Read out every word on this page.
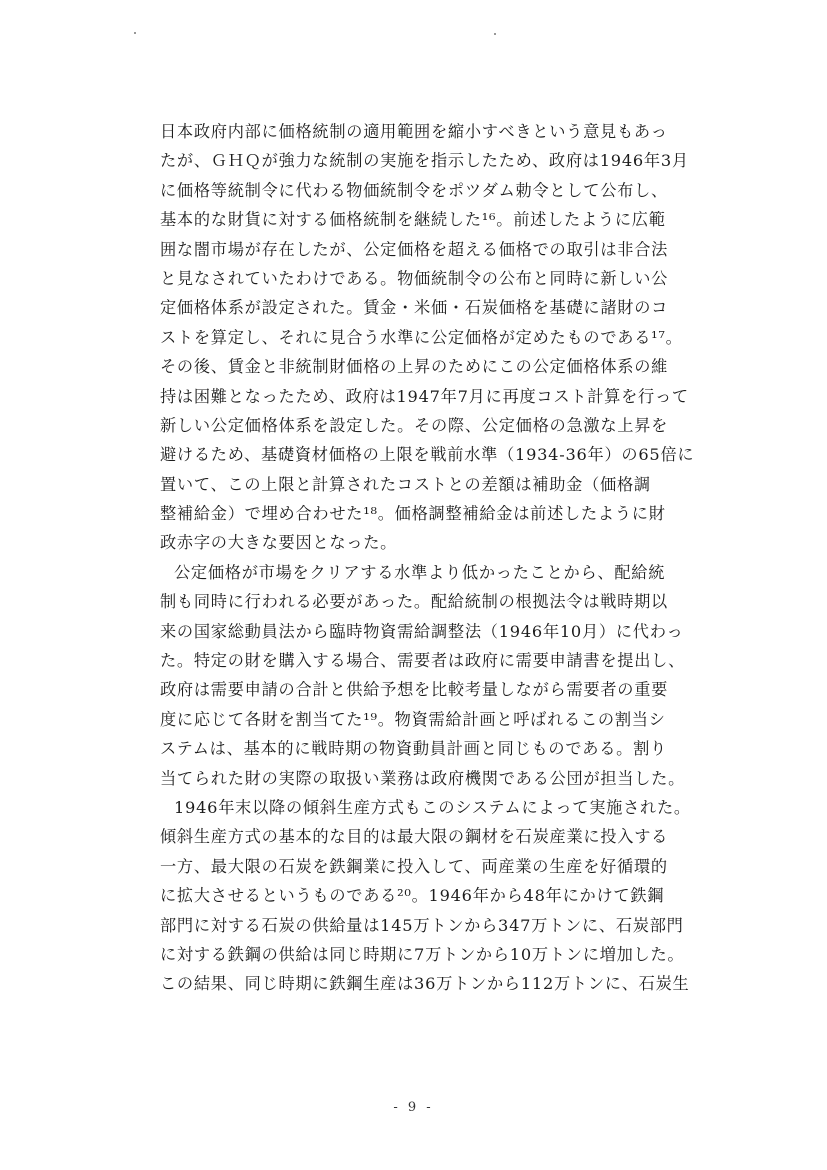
日本政府内部に価格統制の適用範囲を縮小すべきという意見もあっ
たが、ＧＨＱが強力な統制の実施を指示したため、政府は1946年3月
に価格等統制令に代わる物価統制令をポツダム勅令として公布し、
基本的な財貨に対する価格統制を継続した¹⁶。前述したように広範
囲な闇市場が存在したが、公定価格を超える価格での取引は非合法
と見なされていたわけである。物価統制令の公布と同時に新しい公
定価格体系が設定された。賃金・米価・石炭価格を基礎に諸財のコ
ストを算定し、それに見合う水準に公定価格が定めたものである¹⁷。
その後、賃金と非統制財価格の上昇のためにこの公定価格体系の維
持は困難となったため、政府は1947年7月に再度コスト計算を行って
新しい公定価格体系を設定した。その際、公定価格の急激な上昇を
避けるため、基礎資材価格の上限を戦前水準（1934-36年）の65倍に
置いて、この上限と計算されたコストとの差額は補助金（価格調
整補給金）で埋め合わせた¹⁸。価格調整補給金は前述したように財
政赤字の大きな要因となった。
公定価格が市場をクリアする水準より低かったことから、配給統
制も同時に行われる必要があった。配給統制の根拠法令は戦時期以
来の国家総動員法から臨時物資需給調整法（1946年10月）に代わっ
た。特定の財を購入する場合、需要者は政府に需要申請書を提出し、
政府は需要申請の合計と供給予想を比較考量しながら需要者の重要
度に応じて各財を割当てた¹⁹。物資需給計画と呼ばれるこの割当シ
ステムは、基本的に戦時期の物資動員計画と同じものである。割り
当てられた財の実際の取扱い業務は政府機関である公団が担当した。
1946年末以降の傾斜生産方式もこのシステムによって実施された。
傾斜生産方式の基本的な目的は最大限の鋼材を石炭産業に投入する
一方、最大限の石炭を鉄鋼業に投入して、両産業の生産を好循環的
に拡大させるというものである²⁰。1946年から48年にかけて鉄鋼
部門に対する石炭の供給量は145万トンから347万トンに、石炭部門
に対する鉄鋼の供給は同じ時期に7万トンから10万トンに増加した。
この結果、同じ時期に鉄鋼生産は36万トンから112万トンに、石炭生
- 9 -
